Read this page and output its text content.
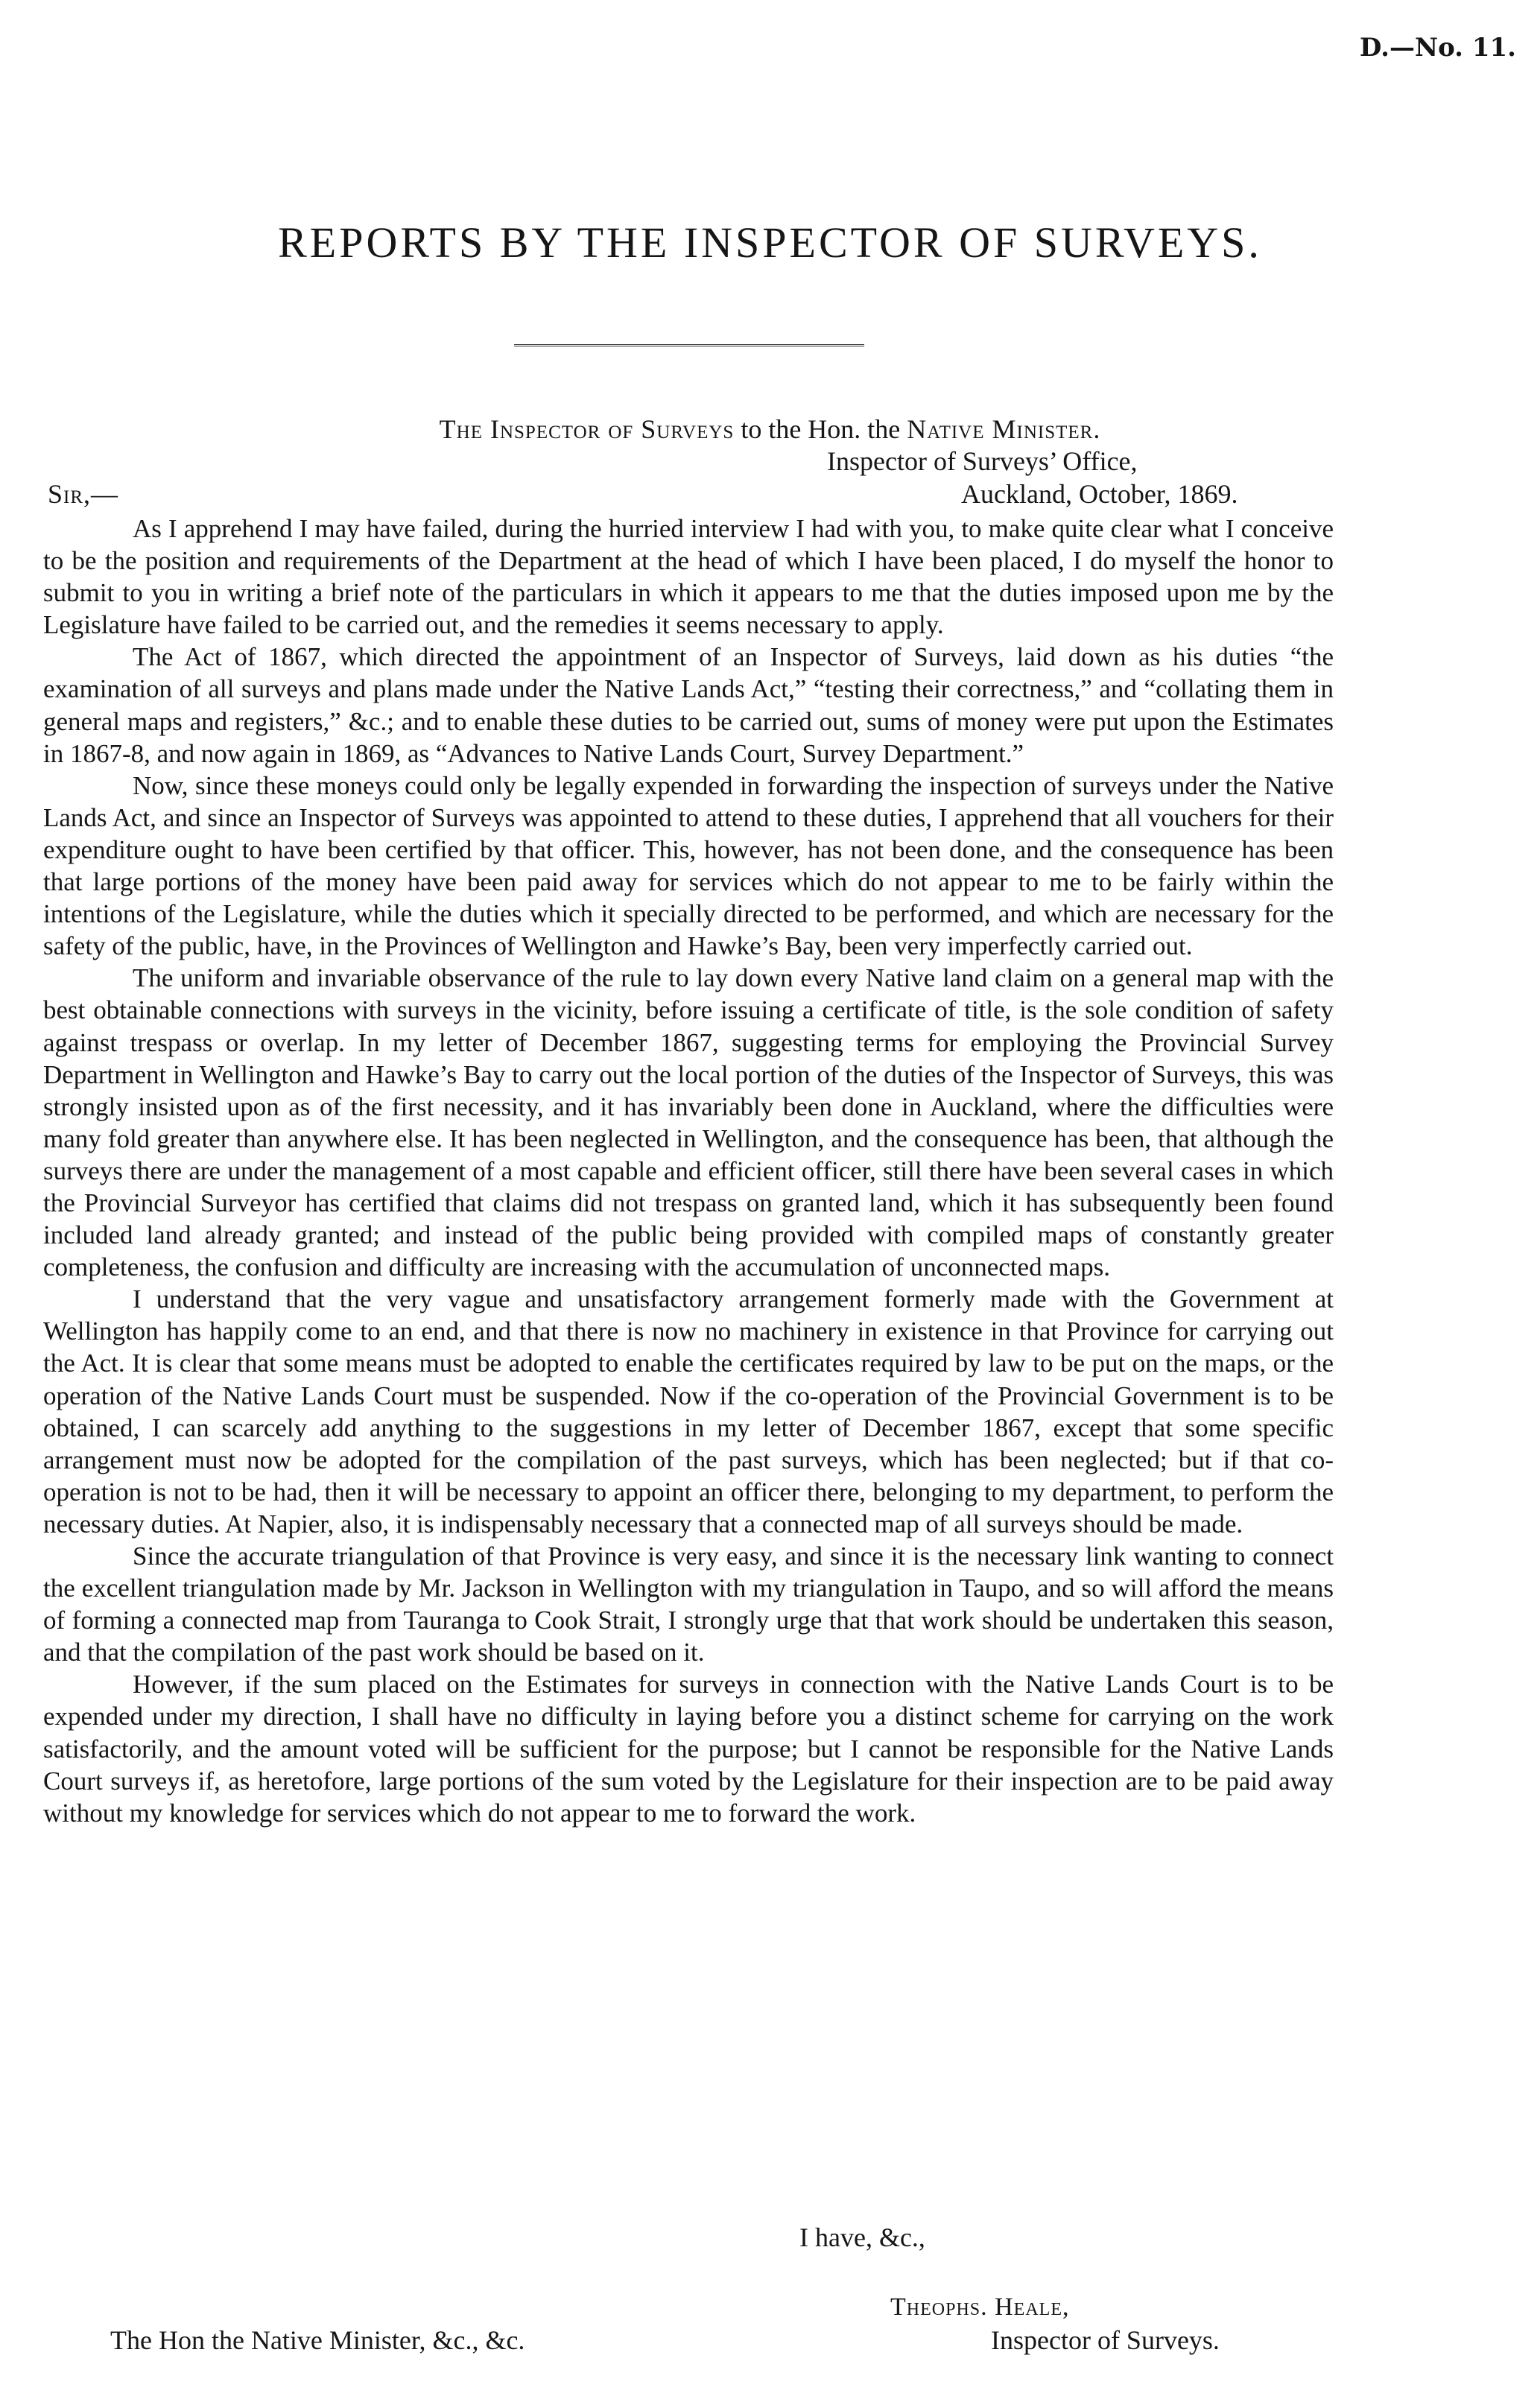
D.—No. 11.
REPORTS BY THE INSPECTOR OF SURVEYS.
The Inspector of Surveys to the Hon. the Native Minister.
Inspector of Surveys’ Office,
Sir,—	Auckland, October, 1869.

As I apprehend I may have failed, during the hurried interview I had with you, to make quite clear what I conceive to be the position and requirements of the Department at the head of which I have been placed, I do myself the honor to submit to you in writing a brief note of the particulars in which it appears to me that the duties imposed upon me by the Legislature have failed to be carried out, and the remedies it seems necessary to apply.

The Act of 1867, which directed the appointment of an Inspector of Surveys, laid down as his duties “the examination of all surveys and plans made under the Native Lands Act,” “testing their correctness,” and “collating them in general maps and registers,” &c.; and to enable these duties to be carried out, sums of money were put upon the Estimates in 1867-8, and now again in 1869, as “Advances to Native Lands Court, Survey Department.”

Now, since these moneys could only be legally expended in forwarding the inspection of surveys under the Native Lands Act, and since an Inspector of Surveys was appointed to attend to these duties, I apprehend that all vouchers for their expenditure ought to have been certified by that officer. This, however, has not been done, and the consequence has been that large portions of the money have been paid away for services which do not appear to me to be fairly within the intentions of the Legislature, while the duties which it specially directed to be performed, and which are necessary for the safety of the public, have, in the Provinces of Wellington and Hawke’s Bay, been very imperfectly carried out.

The uniform and invariable observance of the rule to lay down every Native land claim on a general map with the best obtainable connections with surveys in the vicinity, before issuing a certificate of title, is the sole condition of safety against trespass or overlap. In my letter of December 1867, suggesting terms for employing the Provincial Survey Department in Wellington and Hawke’s Bay to carry out the local portion of the duties of the Inspector of Surveys, this was strongly insisted upon as of the first necessity, and it has invariably been done in Auckland, where the difficulties were many fold greater than anywhere else. It has been neglected in Wellington, and the consequence has been, that although the surveys there are under the management of a most capable and efficient officer, still there have been several cases in which the Provincial Surveyor has certified that claims did not trespass on granted land, which it has subsequently been found included land already granted; and instead of the public being provided with compiled maps of constantly greater completeness, the confusion and difficulty are increasing with the accumulation of unconnected maps.

I understand that the very vague and unsatisfactory arrangement formerly made with the Government at Wellington has happily come to an end, and that there is now no machinery in existence in that Province for carrying out the Act. It is clear that some means must be adopted to enable the certificates required by law to be put on the maps, or the operation of the Native Lands Court must be suspended. Now if the co-operation of the Provincial Government is to be obtained, I can scarcely add anything to the suggestions in my letter of December 1867, except that some specific arrangement must now be adopted for the compilation of the past surveys, which has been neglected; but if that co-operation is not to be had, then it will be necessary to appoint an officer there, belonging to my department, to perform the necessary duties. At Napier, also, it is indispensably necessary that a connected map of all surveys should be made.

Since the accurate triangulation of that Province is very easy, and since it is the necessary link wanting to connect the excellent triangulation made by Mr. Jackson in Wellington with my triangulation in Taupo, and so will afford the means of forming a connected map from Tauranga to Cook Strait, I strongly urge that that work should be undertaken this season, and that the compilation of the past work should be based on it.

However, if the sum placed on the Estimates for surveys in connection with the Native Lands Court is to be expended under my direction, I shall have no difficulty in laying before you a distinct scheme for carrying on the work satisfactorily, and the amount voted will be sufficient for the purpose; but I cannot be responsible for the Native Lands Court surveys if, as heretofore, large portions of the sum voted by the Legislature for their inspection are to be paid away without my knowledge for services which do not appear to me to forward the work.

I have, &c.,
Theophs. Heale,
The Hon the Native Minister, &c., &c.	Inspector of Surveys.
